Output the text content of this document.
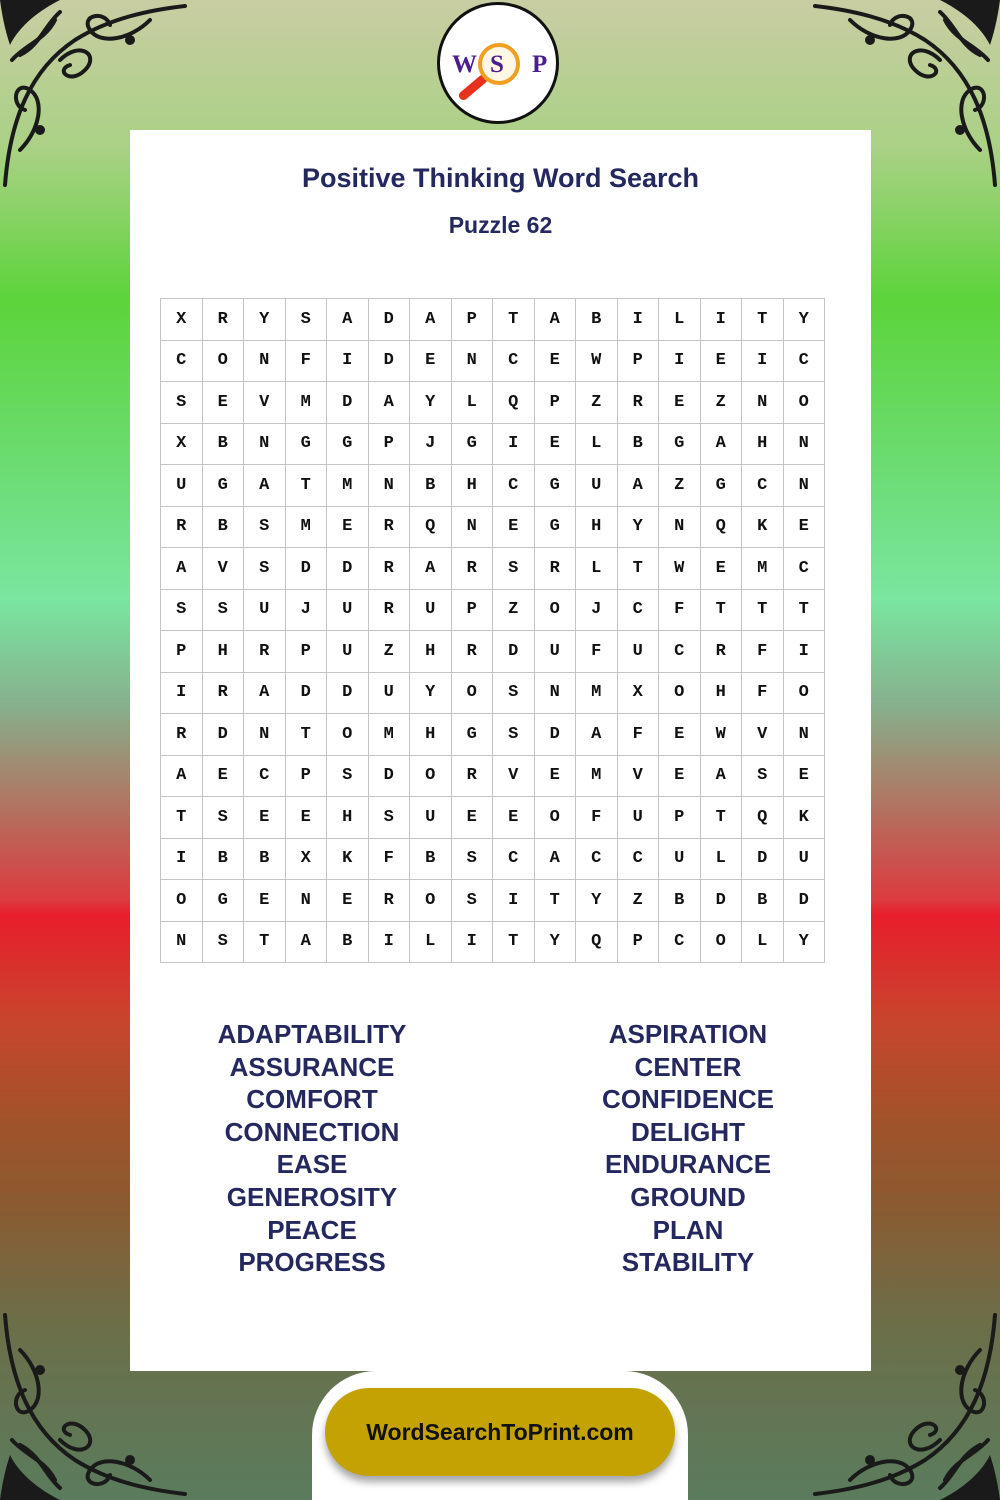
W S P
Positive Thinking Word Search
Puzzle 62
X	R	Y	S	A	D	A	P	T	A	B	I	L	I	T	Y
C	O	N	F	I	D	E	N	C	E	W	P	I	E	I	C
S	E	V	M	D	A	Y	L	Q	P	Z	R	E	Z	N	O
X	B	N	G	G	P	J	G	I	E	L	B	G	A	H	N
U	G	A	T	M	N	B	H	C	G	U	A	Z	G	C	N
R	B	S	M	E	R	Q	N	E	G	H	Y	N	Q	K	E
A	V	S	D	D	R	A	R	S	R	L	T	W	E	M	C
S	S	U	J	U	R	U	P	Z	O	J	C	F	T	T	T
P	H	R	P	U	Z	H	R	D	U	F	U	C	R	F	I
I	R	A	D	D	U	Y	O	S	N	M	X	O	H	F	O
R	D	N	T	O	M	H	G	S	D	A	F	E	W	V	N
A	E	C	P	S	D	O	R	V	E	M	V	E	A	S	E
T	S	E	E	H	S	U	E	E	O	F	U	P	T	Q	K
I	B	B	X	K	F	B	S	C	A	C	C	U	L	D	U
O	G	E	N	E	R	O	S	I	T	Y	Z	B	D	B	D
N	S	T	A	B	I	L	I	T	Y	Q	P	C	O	L	Y
ADAPTABILITY
ASSURANCE
COMFORT
CONNECTION
EASE
GENEROSITY
PEACE
PROGRESS
ASPIRATION
CENTER
CONFIDENCE
DELIGHT
ENDURANCE
GROUND
PLAN
STABILITY
WordSearchToPrint.com
